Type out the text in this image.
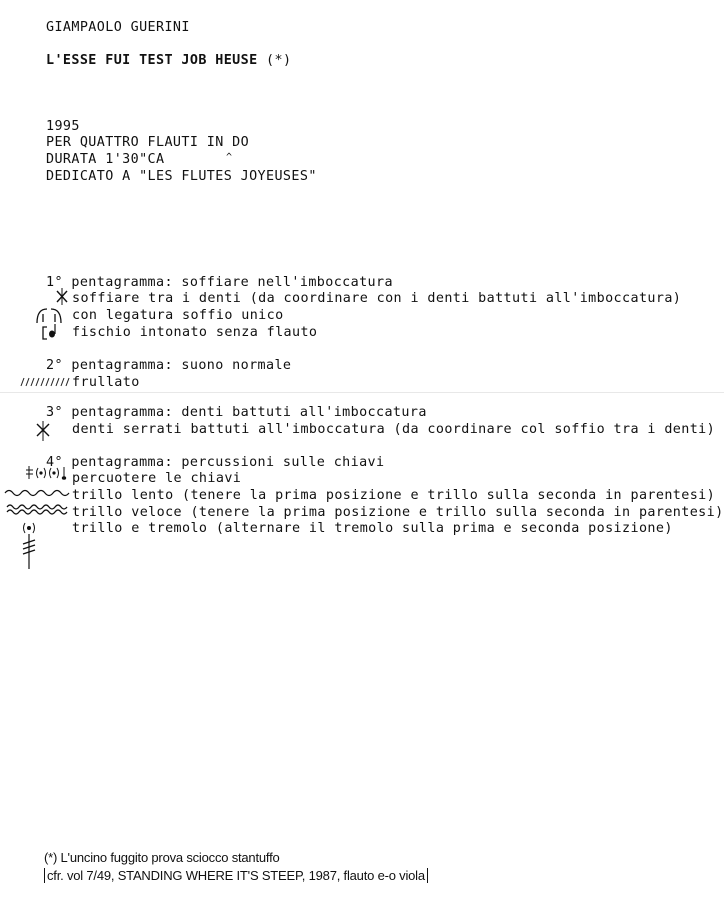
GIAMPAOLO GUERINI
L'ESSE FUI TEST JOB HEUSE (*)
1995
PER QUATTRO FLAUTI IN DO
DURATA 1'30"CA	^
DEDICATO A "LES FLUTES JOYEUSES"
1° pentagramma: soffiare nell'imboccatura
soffiare tra i denti (da coordinare con i denti battuti all'imboccatura)
con legatura soffio unico
fischio intonato senza flauto
2° pentagramma: suono normale
frullato
3° pentagramma: denti battuti all'imboccatura
denti serrati battuti all'imboccatura (da coordinare col soffio tra i denti)
4° pentagramma: percussioni sulle chiavi
percuotere le chiavi
trillo lento (tenere la prima posizione e trillo sulla seconda in parentesi)
trillo veloce (tenere la prima posizione e trillo sulla seconda in parentesi)
trillo e tremolo (alternare il tremolo sulla prima e seconda posizione)
(*) L'uncino fuggito prova sciocco stantuffo
cfr. vol 7/49, STANDING WHERE IT'S STEEP, 1987, flauto e-o viola
